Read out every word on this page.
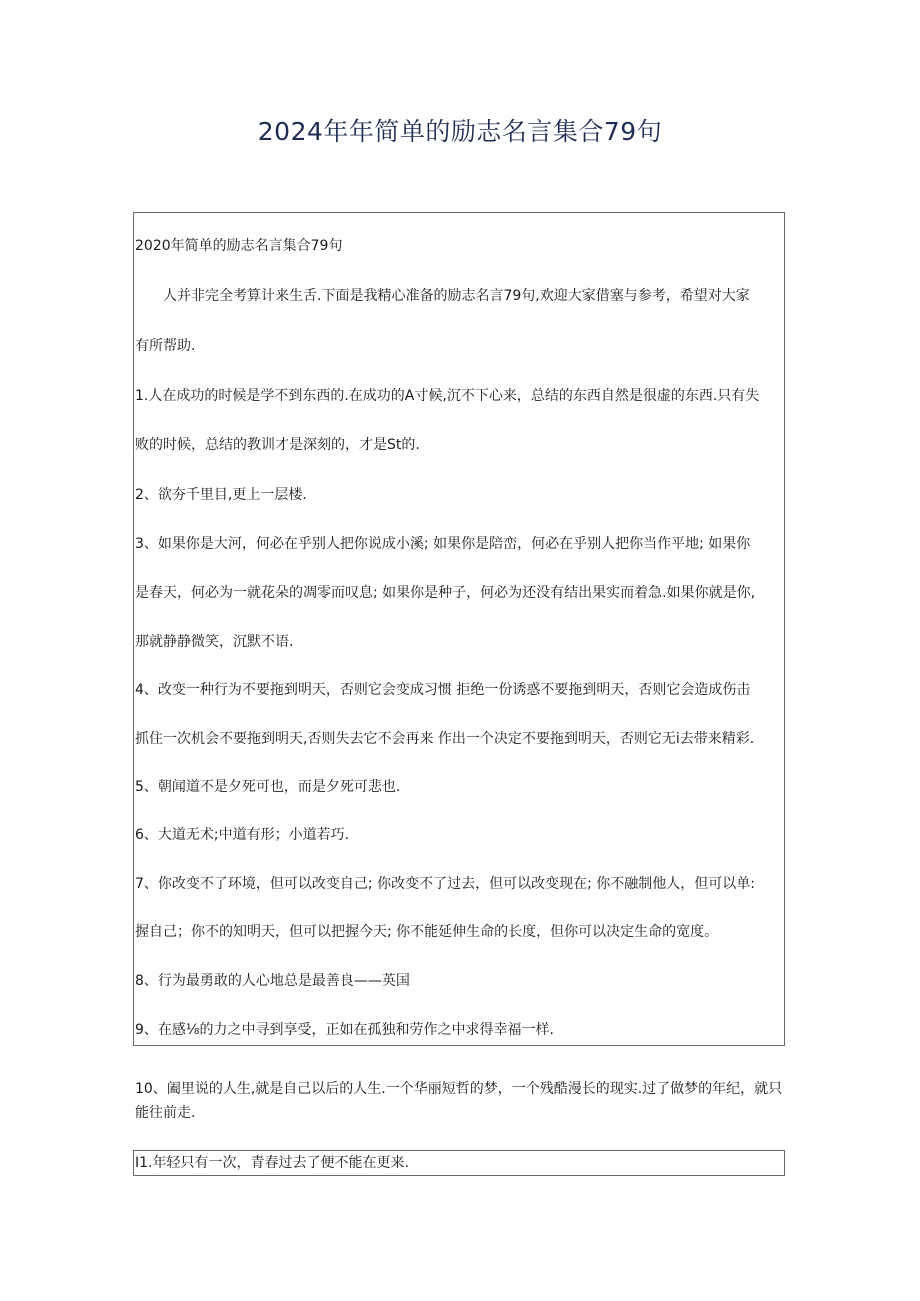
2024年年简单的励志名言集合79句
2020年简单的励志名言集合79句
　　人并非完全考算计来生舌.下面是我精心准备的励志名言79句,欢迎大家借塞与参考，希望对大家
有所帮助.
1.人在成功的时候是学不到东西的.在成功的A寸候,沉不下心来，总结的东西自然是很虚的东西.只有失
败的时候，总结的教训才是深刻的，才是St的.
2、欲夯千里目,更上一层楼.
3、如果你是大河，何必在乎别人把你说成小溪; 如果你是陪峦，何必在乎别人把你当作平地; 如果你
是春天，何必为一就花朵的凋零而叹息; 如果你是种子，何必为还没有结出果实而着急.如果你就是你,
那就静静微笑，沉默不语.
4、改变一种行为不要拖到明天，否则它会变成习惯 拒绝一份诱惑不要拖到明天，否则它会造成伤击
抓住一次机会不要拖到明天,否则失去它不会再来 作出一个决定不要拖到明天，否则它无i去带来精彩.
5、朝闻道不是夕死可也，而是夕死可悲也.
6、大道无术;中道有形；小道若巧.
7、你改变不了环境，但可以改变自己; 你改变不了过去，但可以改变现在; 你不融制他人，但可以单:
握自己；你不的知明天，但可以把握今天; 你不能延伸生命的长度，但你可以决定生命的宽度。
8、行为最勇敢的人心地总是最善良——英国
9、在感⅛的力之中寻到享受，正如在孤独和劳作之中求得幸福一样.
10、阖里说的人生,就是自己以后的人生.一个华丽短哲的梦，一个残酷漫长的现实.过了做梦的年纪，就只能往前走.
I1.年轻只有一次，青春过去了便不能在更来.
